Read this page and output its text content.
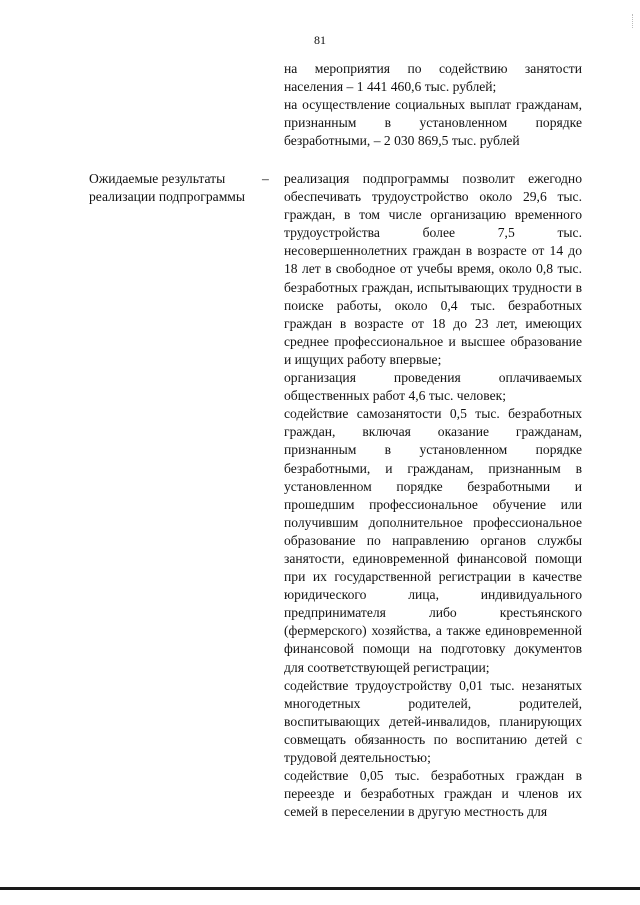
81

на мероприятия по содействию занятости населения – 1 441 460,6 тыс. рублей;

на осуществление социальных выплат гражданам, признанным в установленном порядке безработными, – 2 030 869,5 тыс. рублей

Ожидаемые результаты реализации подпрограммы
– реализация подпрограммы позволит ежегодно обеспечивать трудоустройство около 29,6 тыс. граждан, в том числе организацию временного трудоустройства более 7,5 тыс. несовершеннолетних граждан в возрасте от 14 до 18 лет в свободное от учебы время, около 0,8 тыс. безработных граждан, испытывающих трудности в поиске работы, около 0,4 тыс. безработных граждан в возрасте от 18 до 23 лет, имеющих среднее профессиональное и высшее образование и ищущих работу впервые;

организация проведения оплачиваемых общественных работ 4,6 тыс. человек;

содействие самозанятости 0,5 тыс. безработных граждан, включая оказание гражданам, признанным в установленном порядке безработными, и гражданам, признанным в установленном порядке безработными и прошедшим профессиональное обучение или получившим дополнительное профессиональное образование по направлению органов службы занятости, единовременной финансовой помощи при их государственной регистрации в качестве юридического лица, индивидуального предпринимателя либо крестьянского (фермерского) хозяйства, а также единовременной финансовой помощи на подготовку документов для соответствующей регистрации;

содействие трудоустройству 0,01 тыс. незанятых многодетных родителей, родителей, воспитывающих детей-инвалидов, планирующих совмещать обязанность по воспитанию детей с трудовой деятельностью;

содействие 0,05 тыс. безработных граждан в переезде и безработных граждан и членов их семей в переселении в другую местность для
